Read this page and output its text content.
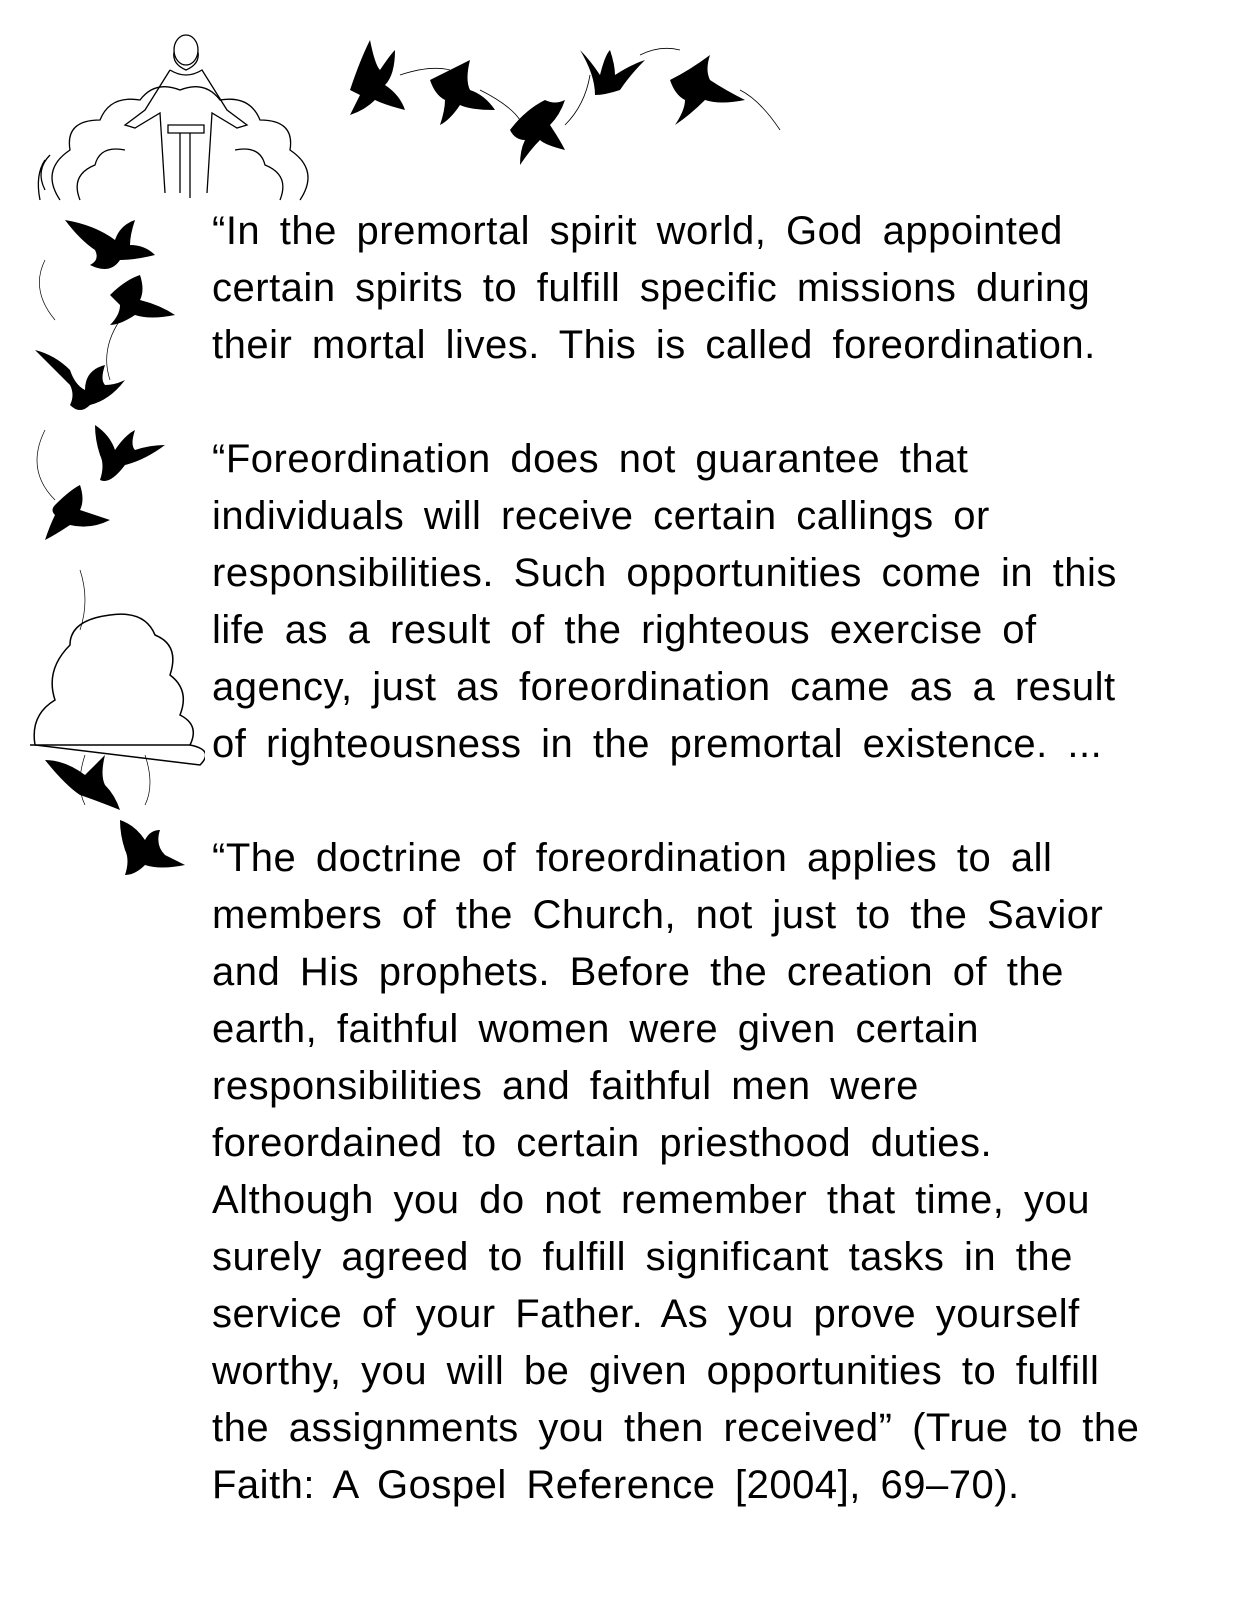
“In the premortal spirit world, God appointed
certain spirits to fulfill specific missions during
their mortal lives. This is called foreordination.
“Foreordination does not guarantee that
individuals will receive certain callings or
responsibilities. Such opportunities come in this
life as a result of the righteous exercise of
agency, just as foreordination came as a result
of righteousness in the premortal existence. ...
“The doctrine of foreordination applies to all
members of the Church, not just to the Savior
and His prophets. Before the creation of the
earth, faithful women were given certain
responsibilities and faithful men were
foreordained to certain priesthood duties.
Although you do not remember that time, you
surely agreed to fulfill significant tasks in the
service of your Father. As you prove yourself
worthy, you will be given opportunities to fulfill
the assignments you then received” (True to the
Faith: A Gospel Reference [2004], 69–70).
